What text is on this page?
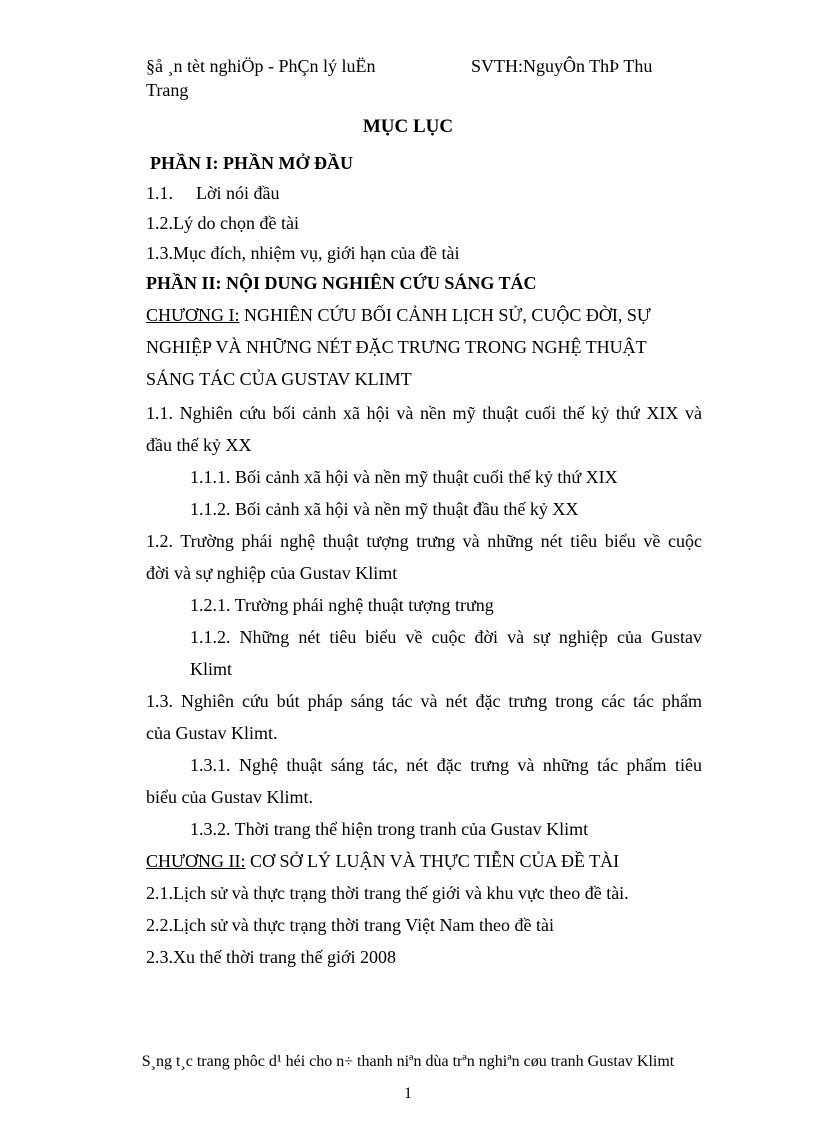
§å ¸n tèt nghiÖp - PhÇn lý luËn	SVTH:NguyÔn ThÞ Thu
Trang
MỤC LỤC
PHẦN I: PHẦN MỞ ĐẦU
1.1. Lời nói đầu
1.2.Lý do chọn đề tài
1.3.Mục đích, nhiệm vụ, giới hạn của đề tài
PHẦN II: NỘI DUNG NGHIÊN CỨU SÁNG TÁC
CHƯƠNG I: NGHIÊN CỨU BỐI CẢNH LỊCH SỬ, CUỘC ĐỜI, SỰ
NGHIỆP VÀ NHỮNG NÉT ĐẶC TRƯNG TRONG NGHỆ THUẬT
SÁNG TÁC CỦA GUSTAV KLIMT
1.1. Nghiên cứu bối cảnh xã hội và nền mỹ thuật cuối thế kỷ thứ XIX và
đầu thế kỷ XX
1.1.1. Bối cảnh xã hội và nền mỹ thuật cuối thế kỷ thứ XIX
1.1.2. Bối cảnh xã hội và nền mỹ thuật đầu thế kỷ XX
1.2. Trường phái nghệ thuật tượng trưng và những nét tiêu biểu về cuộc
đời và sự nghiệp của Gustav Klimt
1.2.1. Trường phái nghệ thuật tượng trưng
1.1.2. Những nét tiêu biểu về cuộc đời và sự nghiệp của Gustav
Klimt
1.3. Nghiên cứu bút pháp sáng tác và nét đặc trưng trong các tác phẩm
của Gustav Klimt.
1.3.1. Nghệ thuật sáng tác, nét đặc trưng và những tác phẩm tiêu
biểu của Gustav Klimt.
1.3.2. Thời trang thể hiện trong tranh của Gustav Klimt
CHƯƠNG II: CƠ SỞ LÝ LUẬN VÀ THỰC TIỄN CỦA ĐỀ TÀI
2.1.Lịch sử và thực trạng thời trang thế giới và khu vực theo đề tài.
2.2.Lịch sử và thực trạng thời trang Việt Nam theo đề tài
2.3.Xu thế thời trang thế giới 2008
S¸ng t¸c trang phôc d¹ héi cho n÷ thanh niªn dùa trªn nghiªn cøu tranh Gustav Klimt
1
